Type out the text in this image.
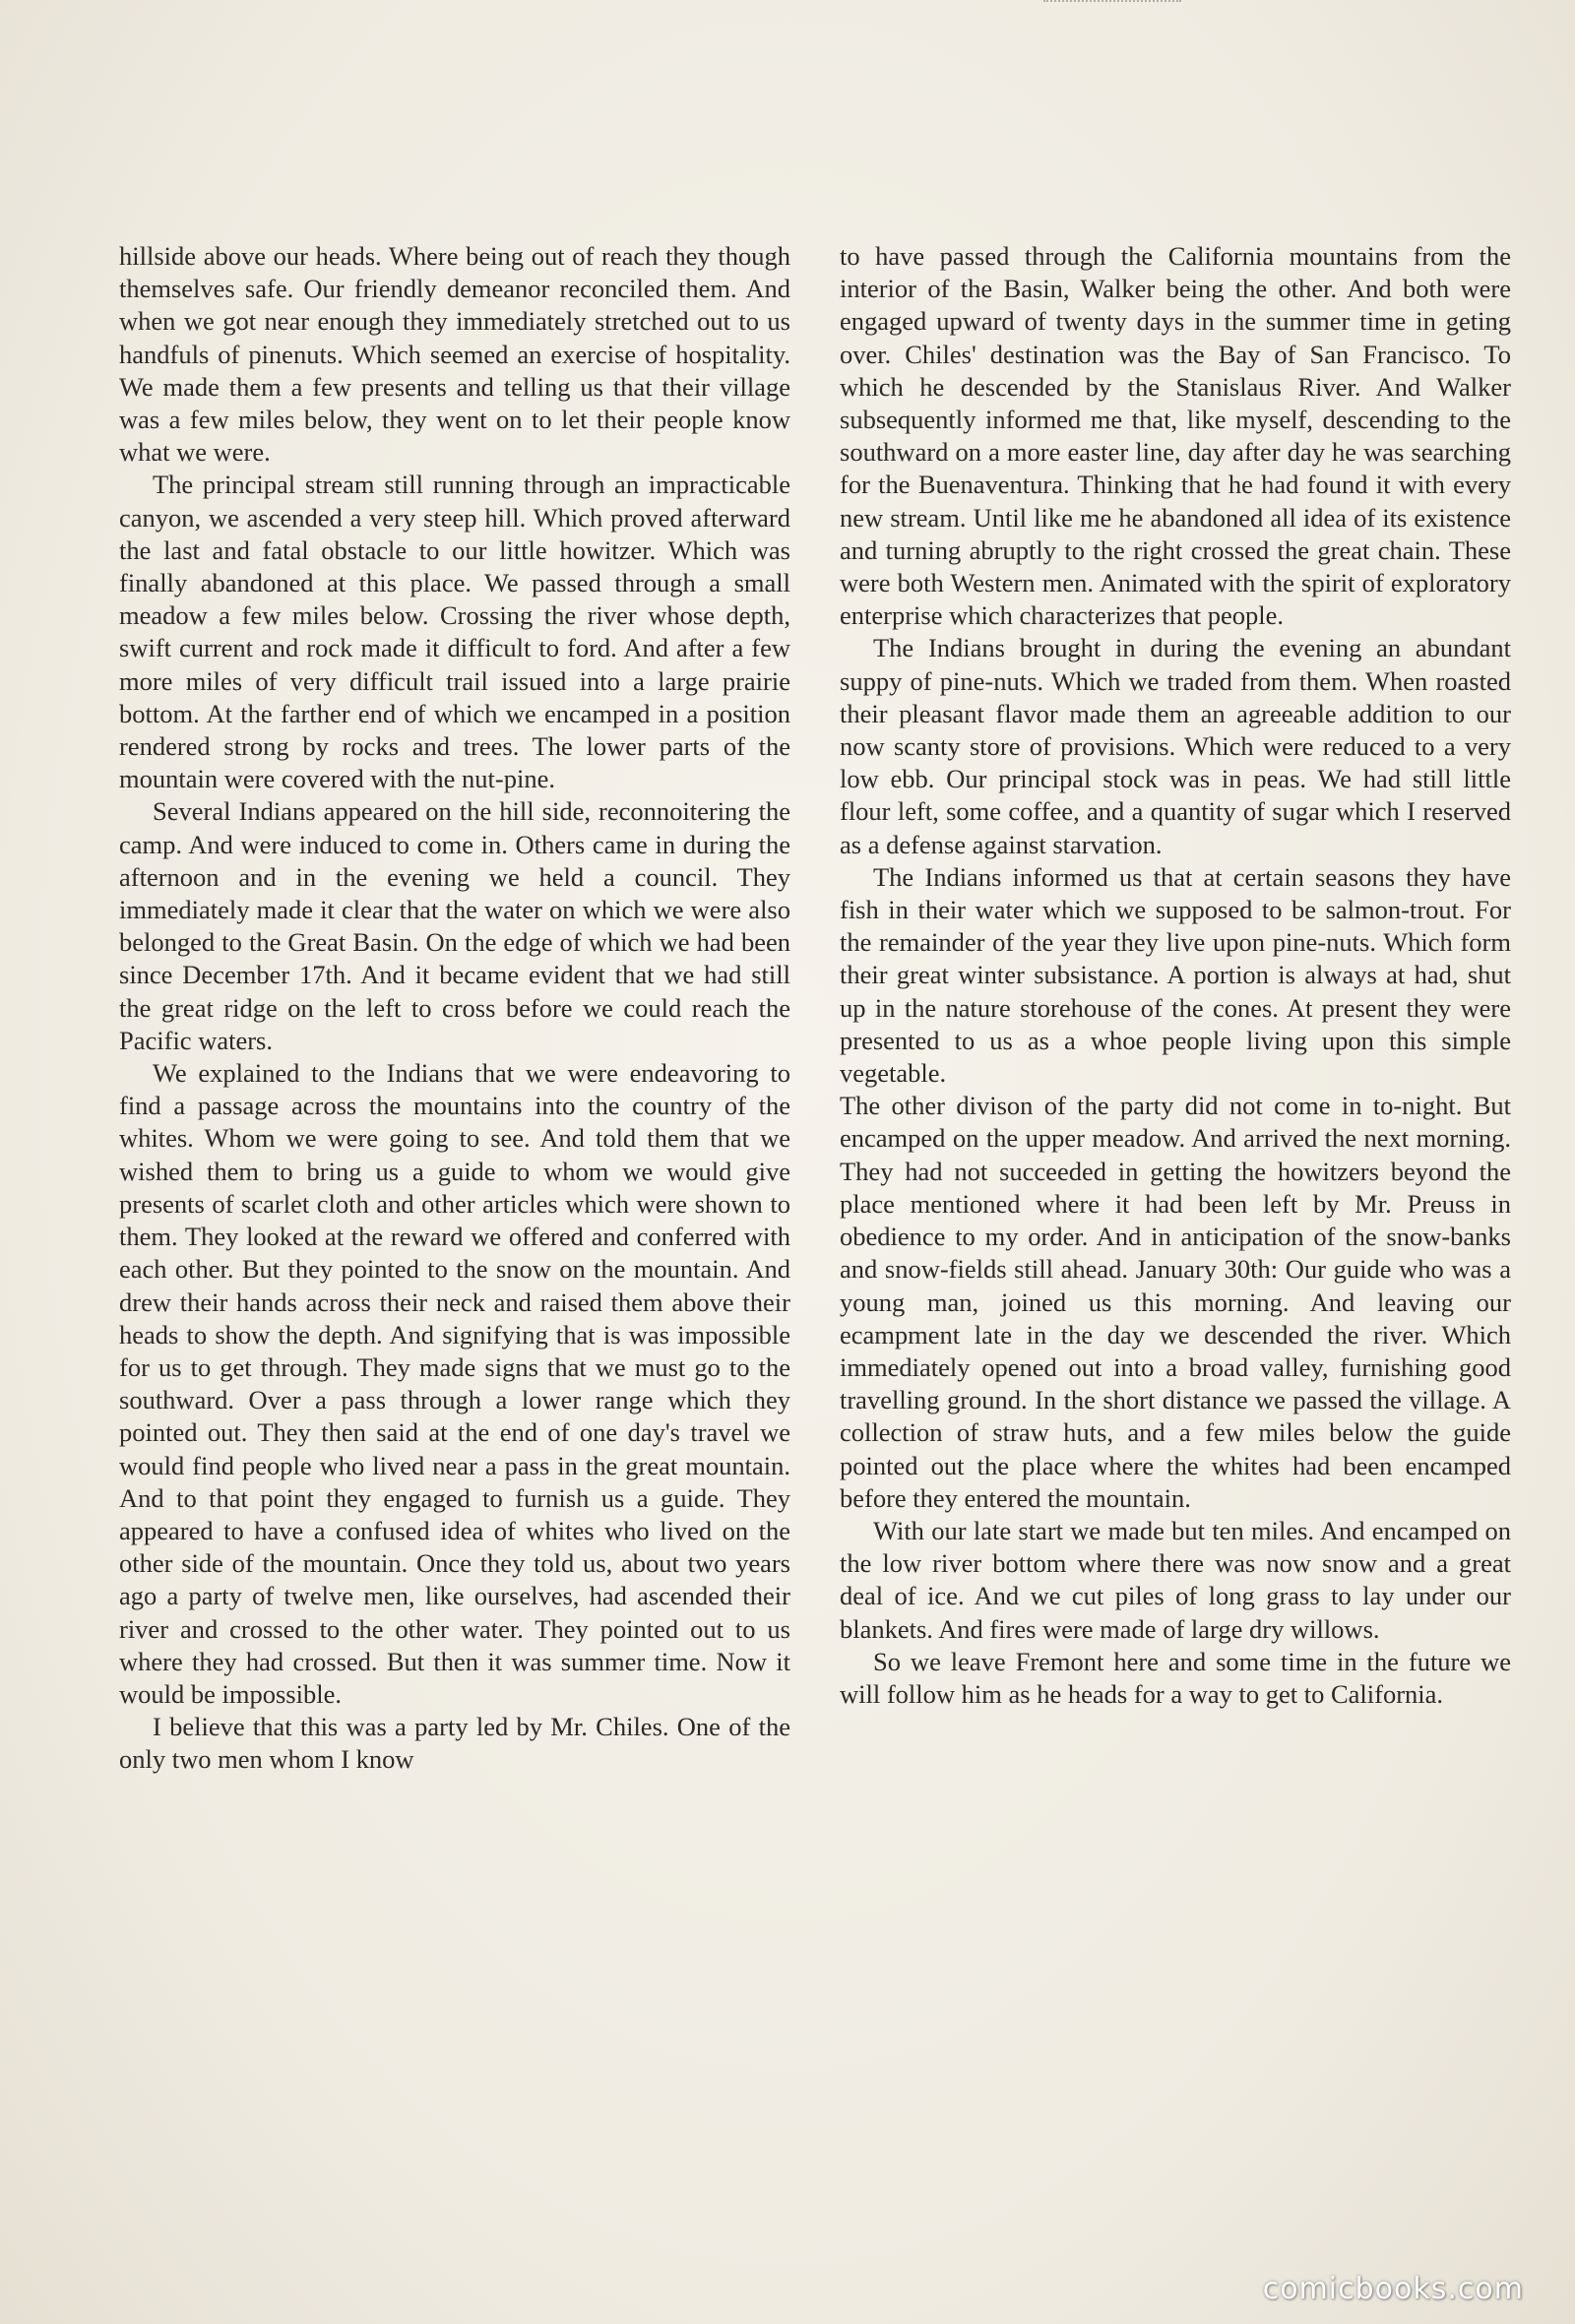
hillside above our heads. Where being out of reach they though themselves safe. Our friendly demeanor reconciled them. And when we got near enough they immediately stretched out to us handfuls of pinenuts. Which seemed an exercise of hospitality. We made them a few presents and telling us that their village was a few miles below, they went on to let their people know what we were.

The principal stream still running through an impracticable canyon, we ascended a very steep hill. Which proved afterward the last and fatal obstacle to our little howitzer. Which was finally abandoned at this place. We passed through a small meadow a few miles below. Crossing the river whose depth, swift current and rock made it difficult to ford. And after a few more miles of very difficult trail issued into a large prairie bottom. At the farther end of which we encamped in a position rendered strong by rocks and trees. The lower parts of the mountain were covered with the nut-pine.

Several Indians appeared on the hill side, reconnoitering the camp. And were induced to come in. Others came in during the afternoon and in the evening we held a council. They immediately made it clear that the water on which we were also belonged to the Great Basin. On the edge of which we had been since December 17th. And it became evident that we had still the great ridge on the left to cross before we could reach the Pacific waters.

We explained to the Indians that we were endeavoring to find a passage across the mountains into the country of the whites. Whom we were going to see. And told them that we wished them to bring us a guide to whom we would give presents of scarlet cloth and other articles which were shown to them. They looked at the reward we offered and conferred with each other. But they pointed to the snow on the mountain. And drew their hands across their neck and raised them above their heads to show the depth. And signifying that is was impossible for us to get through. They made signs that we must go to the southward. Over a pass through a lower range which they pointed out. They then said at the end of one day's travel we would find people who lived near a pass in the great mountain. And to that point they engaged to furnish us a guide. They appeared to have a confused idea of whites who lived on the other side of the mountain. Once they told us, about two years ago a party of twelve men, like ourselves, had ascended their river and crossed to the other water. They pointed out to us where they had crossed. But then it was summer time. Now it would be impossible.

I believe that this was a party led by Mr. Chiles. One of the only two men whom I know

to have passed through the California mountains from the interior of the Basin, Walker being the other. And both were engaged upward of twenty days in the summer time in geting over. Chiles' destination was the Bay of San Francisco. To which he descended by the Stanislaus River. And Walker subsequently informed me that, like myself, descending to the southward on a more easter line, day after day he was searching for the Buenaventura. Thinking that he had found it with every new stream. Until like me he abandoned all idea of its existence and turning abruptly to the right crossed the great chain. These were both Western men. Animated with the spirit of exploratory enterprise which characterizes that people.

The Indians brought in during the evening an abundant suppy of pine-nuts. Which we traded from them. When roasted their pleasant flavor made them an agreeable addition to our now scanty store of provisions. Which were reduced to a very low ebb. Our principal stock was in peas. We had still little flour left, some coffee, and a quantity of sugar which I reserved as a defense against starvation.

The Indians informed us that at certain seasons they have fish in their water which we supposed to be salmon-trout. For the remainder of the year they live upon pine-nuts. Which form their great winter subsistance. A portion is always at had, shut up in the nature storehouse of the cones. At present they were presented to us as a whoe people living upon this simple vegetable.

The other divison of the party did not come in to-night. But encamped on the upper meadow. And arrived the next morning. They had not succeeded in getting the howitzers beyond the place mentioned where it had been left by Mr. Preuss in obedience to my order. And in anticipation of the snow-banks and snow-fields still ahead. January 30th: Our guide who was a young man, joined us this morning. And leaving our ecampment late in the day we descended the river. Which immediately opened out into a broad valley, furnishing good travelling ground. In the short distance we passed the village. A collection of straw huts, and a few miles below the guide pointed out the place where the whites had been encamped before they entered the mountain.

With our late start we made but ten miles. And encamped on the low river bottom where there was now snow and a great deal of ice. And we cut piles of long grass to lay under our blankets. And fires were made of large dry willows.

So we leave Fremont here and some time in the future we will follow him as he heads for a way to get to California.

comicbooks.com
